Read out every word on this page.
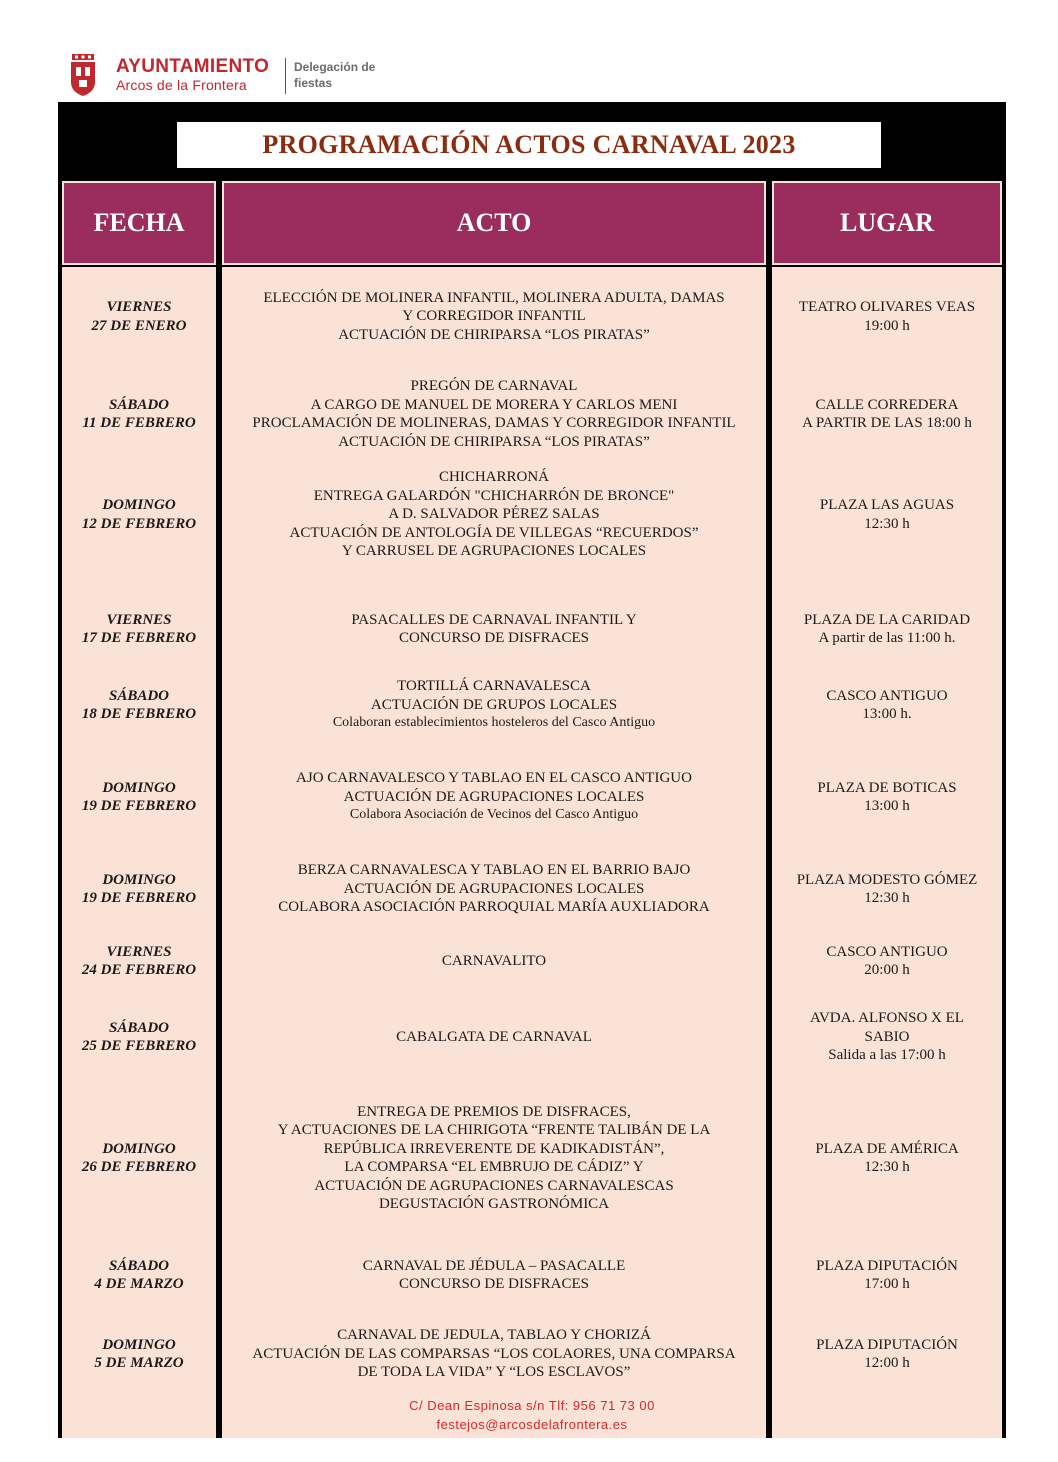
AYUNTAMIENTO
Arcos de la Frontera
Delegación de
fiestas
PROGRAMACIÓN ACTOS CARNAVAL 2023
FECHA	ACTO	LUGAR
VIERNES
27 DE ENERO
ELECCIÓN DE MOLINERA INFANTIL, MOLINERA ADULTA, DAMAS
Y CORREGIDOR INFANTIL
ACTUACIÓN DE CHIRIPARSA “LOS PIRATAS”
TEATRO OLIVARES VEAS
19:00 h
SÁBADO
11 DE FEBRERO
PREGÓN DE CARNAVAL
A CARGO DE MANUEL DE MORERA Y CARLOS MENI
PROCLAMACIÓN DE MOLINERAS, DAMAS Y CORREGIDOR INFANTIL
ACTUACIÓN DE CHIRIPARSA “LOS PIRATAS”
CALLE CORREDERA
A PARTIR DE LAS 18:00 h
DOMINGO
12 DE FEBRERO
CHICHARRONÁ
ENTREGA GALARDÓN "CHICHARRÓN DE BRONCE"
A D. SALVADOR PÉREZ SALAS
ACTUACIÓN DE ANTOLOGÍA DE VILLEGAS “RECUERDOS”
Y CARRUSEL DE AGRUPACIONES LOCALES
PLAZA LAS AGUAS
12:30 h
VIERNES
17 DE FEBRERO
PASACALLES DE CARNAVAL INFANTIL Y
CONCURSO DE DISFRACES
PLAZA DE LA CARIDAD
A partir de las 11:00 h.
SÁBADO
18 DE FEBRERO
TORTILLÁ CARNAVALESCA
ACTUACIÓN DE GRUPOS LOCALES
Colaboran establecimientos hosteleros del Casco Antiguo
CASCO ANTIGUO
13:00 h.
DOMINGO
19 DE FEBRERO
AJO CARNAVALESCO Y TABLAO EN EL CASCO ANTIGUO
ACTUACIÓN DE AGRUPACIONES LOCALES
Colabora Asociación de Vecinos del Casco Antiguo
PLAZA DE BOTICAS
13:00 h
DOMINGO
19 DE FEBRERO
BERZA CARNAVALESCA Y TABLAO EN EL BARRIO BAJO
ACTUACIÓN DE AGRUPACIONES LOCALES
COLABORA ASOCIACIÓN PARROQUIAL MARÍA AUXLIADORA
PLAZA MODESTO GÓMEZ
12:30 h
VIERNES
24 DE FEBRERO
CARNAVALITO
CASCO ANTIGUO
20:00 h
SÁBADO
25 DE FEBRERO
CABALGATA DE CARNAVAL
AVDA. ALFONSO X EL
SABIO
Salida a las 17:00 h
DOMINGO
26 DE FEBRERO
ENTREGA DE PREMIOS DE DISFRACES,
Y ACTUACIONES DE LA CHIRIGOTA “FRENTE TALIBÁN DE LA
REPÚBLICA IRREVERENTE DE KADIKADISTÁN”,
LA COMPARSA “EL EMBRUJO DE CÁDIZ” Y
ACTUACIÓN DE AGRUPACIONES CARNAVALESCAS
DEGUSTACIÓN GASTRONÓMICA
PLAZA DE AMÉRICA
12:30 h
SÁBADO
4 DE MARZO
CARNAVAL DE JÉDULA – PASACALLE
CONCURSO DE DISFRACES
PLAZA DIPUTACIÓN
17:00 h
DOMINGO
5 DE MARZO
CARNAVAL DE JEDULA, TABLAO Y CHORIZÁ
ACTUACIÓN DE LAS COMPARSAS “LOS COLAORES, UNA COMPARSA
DE TODA LA VIDA” Y “LOS ESCLAVOS”
PLAZA DIPUTACIÓN
12:00 h
C/ Dean Espinosa s/n Tlf: 956 71 73 00
festejos@arcosdelafrontera.es
